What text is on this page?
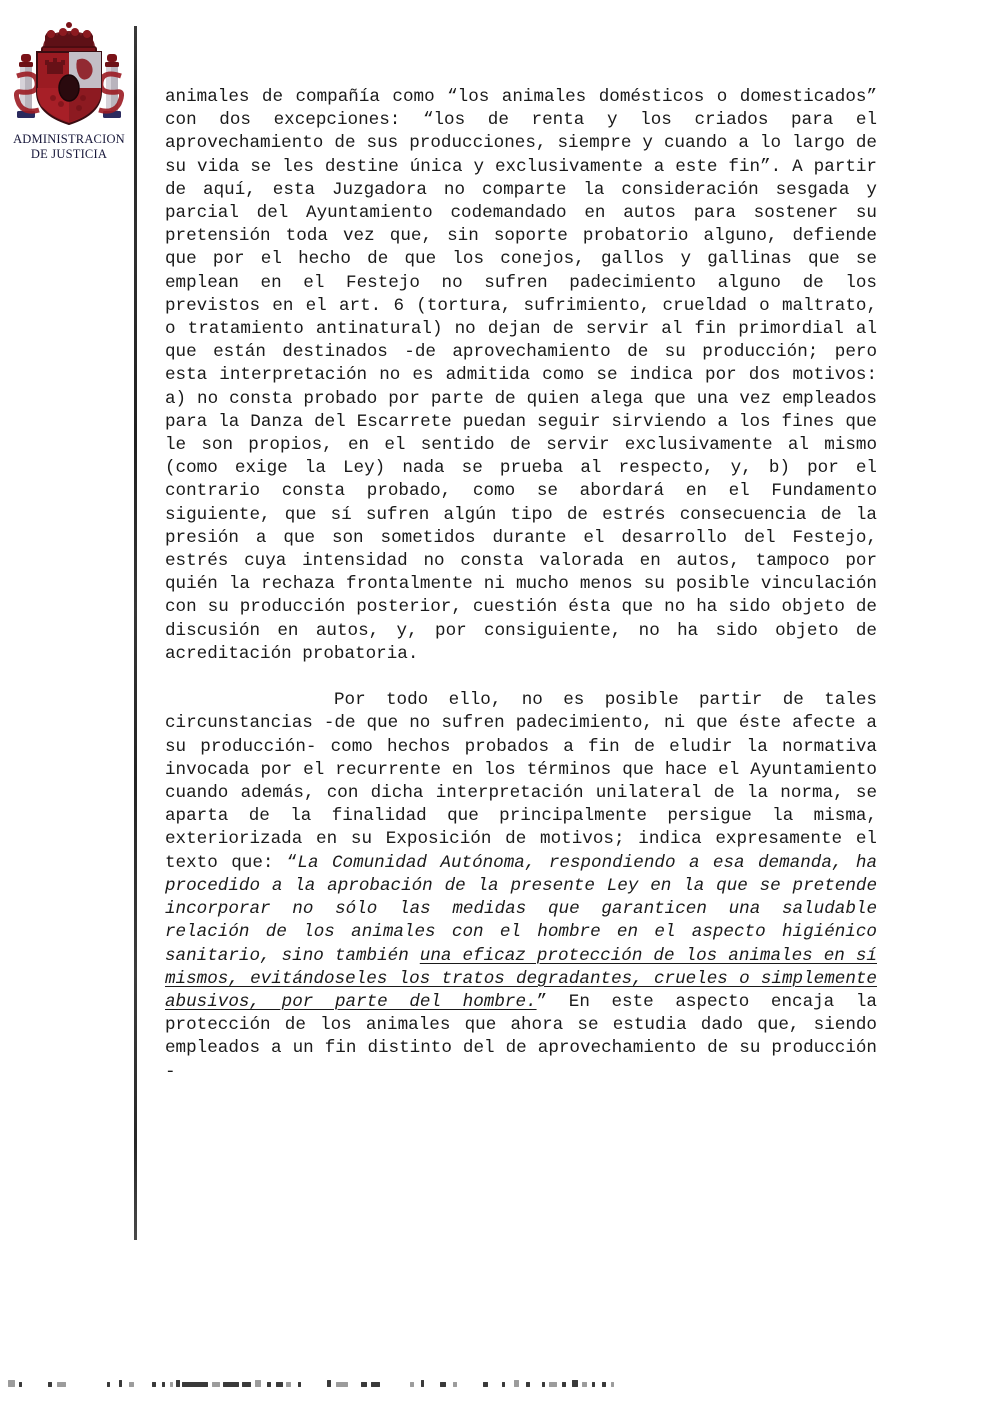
ADMINISTRACION
DE JUSTICIA

animales de compañía como “los animales domésticos o domesticados” con dos excepciones: “los de renta y los criados para el aprovechamiento de sus producciones, siempre y cuando a lo largo de su vida se les destine única y exclusivamente a este fin”. A partir de aquí, esta Juzgadora no comparte la consideración sesgada y parcial del Ayuntamiento codemandado en autos para sostener su pretensión toda vez que, sin soporte probatorio alguno, defiende que por el hecho de que los conejos, gallos y gallinas que se emplean en el Festejo no sufren padecimiento alguno de los previstos en el art. 6 (tortura, sufrimiento, crueldad o maltrato, o tratamiento antinatural) no dejan de servir al fin primordial al que están destinados -de aprovechamiento de su producción; pero esta interpretación no es admitida como se indica por dos motivos: a) no consta probado por parte de quien alega que una vez empleados para la Danza del Escarrete puedan seguir sirviendo a los fines que le son propios, en el sentido de servir exclusivamente al mismo (como exige la Ley) nada se prueba al respecto, y, b) por el contrario consta probado, como se abordará en el Fundamento siguiente, que sí sufren algún tipo de estrés consecuencia de la presión a que son sometidos durante el desarrollo del Festejo, estrés cuya intensidad no consta valorada en autos, tampoco por quién la rechaza frontalmente ni mucho menos su posible vinculación con su producción posterior, cuestión ésta que no ha sido objeto de discusión en autos, y, por consiguiente, no ha sido objeto de acreditación probatoria.

Por todo ello, no es posible partir de tales circunstancias -de que no sufren padecimiento, ni que éste afecte a su producción- como hechos probados a fin de eludir la normativa invocada por el recurrente en los términos que hace el Ayuntamiento cuando además, con dicha interpretación unilateral de la norma, se aparta de la finalidad que principalmente persigue la misma, exteriorizada en su Exposición de motivos; indica expresamente el texto que: “La Comunidad Autónoma, respondiendo a esa demanda, ha procedido a la aprobación de la presente Ley en la que se pretende incorporar no sólo las medidas que garanticen una saludable relación de los animales con el hombre en el aspecto higiénico sanitario, sino también una eficaz protección de los animales en sí mismos, evitándoseles los tratos degradantes, crueles o simplemente abusivos, por parte del hombre.” En este aspecto encaja la protección de los animales que ahora se estudia dado que, siendo empleados a un fin distinto del de aprovechamiento de su producción -
